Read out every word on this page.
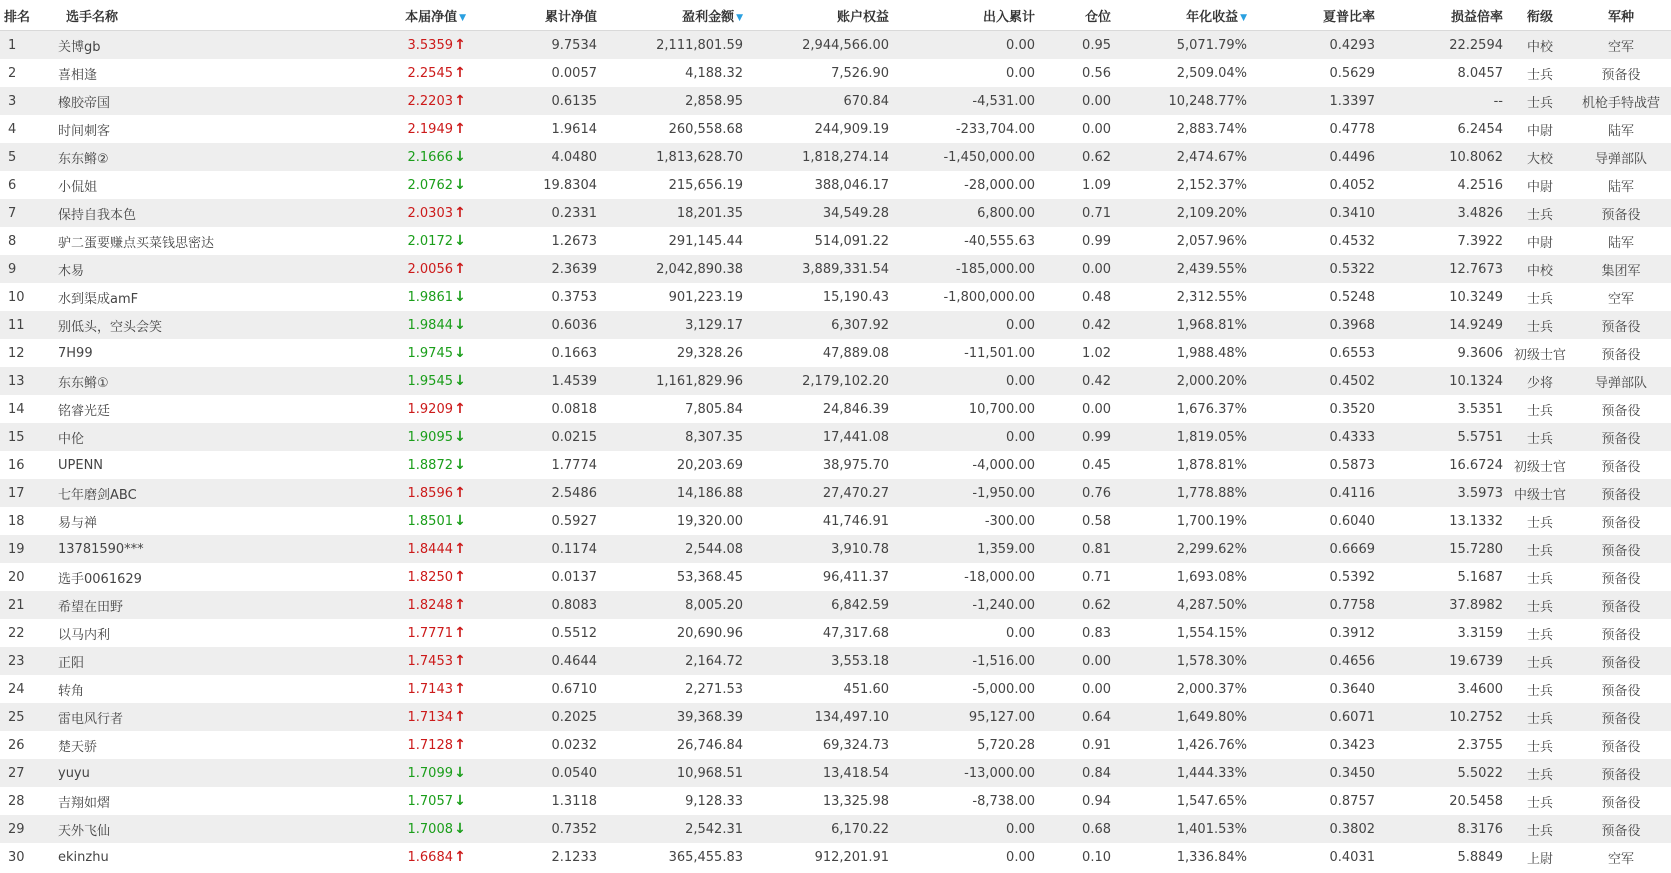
排名	选手名称	本届净值 ▼	累计净值	盈利金额 ▼	账户权益	出入累计	仓位	年化收益 ▼	夏普比率	损益倍率	衔级	军种
1	关博gb	3.5359↑	9.7534	2,111,801.59	2,944,566.00	0.00	0.95	5,071.79%	0.4293	22.2594	中校	空军
2	喜相逢	2.2545↑	0.0057	4,188.32	7,526.90	0.00	0.56	2,509.04%	0.5629	8.0457	士兵	预备役
3	橡胶帝国	2.2203↑	0.6135	2,858.95	670.84	-4,531.00	0.00	10,248.77%	1.3397	--	士兵	机枪手特战营
4	时间刺客	2.1949↑	1.9614	260,558.68	244,909.19	-233,704.00	0.00	2,883.74%	0.4778	6.2454	中尉	陆军
5	东东鳉②	2.1666↓	4.0480	1,813,628.70	1,818,274.14	-1,450,000.00	0.62	2,474.67%	0.4496	10.8062	大校	导弹部队
6	小侃姐	2.0762↓	19.8304	215,656.19	388,046.17	-28,000.00	1.09	2,152.37%	0.4052	4.2516	中尉	陆军
7	保持自我本色	2.0303↑	0.2331	18,201.35	34,549.28	6,800.00	0.71	2,109.20%	0.3410	3.4826	士兵	预备役
8	驴二蛋要赚点买菜钱思密达	2.0172↓	1.2673	291,145.44	514,091.22	-40,555.63	0.99	2,057.96%	0.4532	7.3922	中尉	陆军
9	木易	2.0056↑	2.3639	2,042,890.38	3,889,331.54	-185,000.00	0.00	2,439.55%	0.5322	12.7673	中校	集团军
10	水到渠成amF	1.9861↓	0.3753	901,223.19	15,190.43	-1,800,000.00	0.48	2,312.55%	0.5248	10.3249	士兵	空军
11	别低头，空头会笑	1.9844↓	0.6036	3,129.17	6,307.92	0.00	0.42	1,968.81%	0.3968	14.9249	士兵	预备役
12	7H99	1.9745↓	0.1663	29,328.26	47,889.08	-11,501.00	1.02	1,988.48%	0.6553	9.3606	初级士官	预备役
13	东东鳉①	1.9545↓	1.4539	1,161,829.96	2,179,102.20	0.00	0.42	2,000.20%	0.4502	10.1324	少将	导弹部队
14	铭睿光廷	1.9209↑	0.0818	7,805.84	24,846.39	10,700.00	0.00	1,676.37%	0.3520	3.5351	士兵	预备役
15	中伦	1.9095↓	0.0215	8,307.35	17,441.08	0.00	0.99	1,819.05%	0.4333	5.5751	士兵	预备役
16	UPENN	1.8872↓	1.7774	20,203.69	38,975.70	-4,000.00	0.45	1,878.81%	0.5873	16.6724	初级士官	预备役
17	七年磨剑ABC	1.8596↑	2.5486	14,186.88	27,470.27	-1,950.00	0.76	1,778.88%	0.4116	3.5973	中级士官	预备役
18	易与禅	1.8501↓	0.5927	19,320.00	41,746.91	-300.00	0.58	1,700.19%	0.6040	13.1332	士兵	预备役
19	13781590***	1.8444↑	0.1174	2,544.08	3,910.78	1,359.00	0.81	2,299.62%	0.6669	15.7280	士兵	预备役
20	选手0061629	1.8250↑	0.0137	53,368.45	96,411.37	-18,000.00	0.71	1,693.08%	0.5392	5.1687	士兵	预备役
21	希望在田野	1.8248↑	0.8083	8,005.20	6,842.59	-1,240.00	0.62	4,287.50%	0.7758	37.8982	士兵	预备役
22	以马内利	1.7771↑	0.5512	20,690.96	47,317.68	0.00	0.83	1,554.15%	0.3912	3.3159	士兵	预备役
23	正阳	1.7453↑	0.4644	2,164.72	3,553.18	-1,516.00	0.00	1,578.30%	0.4656	19.6739	士兵	预备役
24	转角	1.7143↑	0.6710	2,271.53	451.60	-5,000.00	0.00	2,000.37%	0.3640	3.4600	士兵	预备役
25	雷电风行者	1.7134↑	0.2025	39,368.39	134,497.10	95,127.00	0.64	1,649.80%	0.6071	10.2752	士兵	预备役
26	楚天骄	1.7128↑	0.0232	26,746.84	69,324.73	5,720.28	0.91	1,426.76%	0.3423	2.3755	士兵	预备役
27	yuyu	1.7099↓	0.0540	10,968.51	13,418.54	-13,000.00	0.84	1,444.33%	0.3450	5.5022	士兵	预备役
28	吉翔如熠	1.7057↓	1.3118	9,128.33	13,325.98	-8,738.00	0.94	1,547.65%	0.8757	20.5458	士兵	预备役
29	天外飞仙	1.7008↓	0.7352	2,542.31	6,170.22	0.00	0.68	1,401.53%	0.3802	8.3176	士兵	预备役
30	ekinzhu	1.6684↑	2.1233	365,455.83	912,201.91	0.00	0.10	1,336.84%	0.4031	5.8849	上尉	空军
